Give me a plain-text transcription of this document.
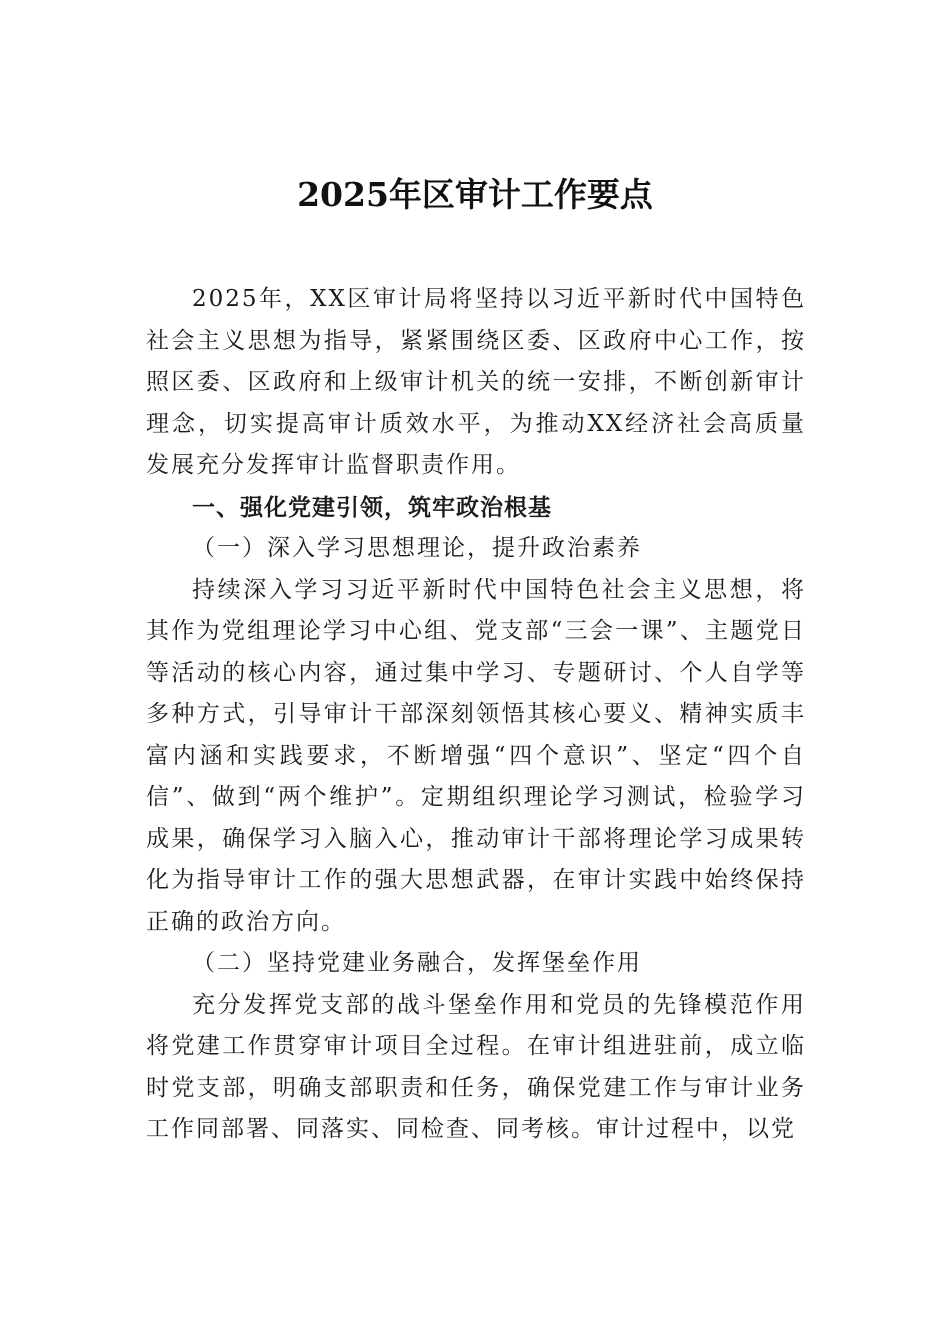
2025年区审计工作要点

2025年，XX区审计局将坚持以习近平新时代中国特色社会主义思想为指导，紧紧围绕区委、区政府中心工作，按照区委、区政府和上级审计机关的统一安排，不断创新审计理念，切实提高审计质效水平，为推动XX经济社会高质量发展充分发挥审计监督职责作用。

一、强化党建引领，筑牢政治根基

（一）深入学习思想理论，提升政治素养

持续深入学习习近平新时代中国特色社会主义思想，将其作为党组理论学习中心组、党支部“三会一课”、主题党日等活动的核心内容，通过集中学习、专题研讨、个人自学等多种方式，引导审计干部深刻领悟其核心要义、精神实质丰富内涵和实践要求，不断增强“四个意识”、坚定“四个自信”、做到“两个维护”。定期组织理论学习测试，检验学习成果，确保学习入脑入心，推动审计干部将理论学习成果转化为指导审计工作的强大思想武器，在审计实践中始终保持正确的政治方向。

（二）坚持党建业务融合，发挥堡垒作用

充分发挥党支部的战斗堡垒作用和党员的先锋模范作用将党建工作贯穿审计项目全过程。在审计组进驻前，成立临时党支部，明确支部职责和任务，确保党建工作与审计业务工作同部署、同落实、同检查、同考核。审计过程中，以党
